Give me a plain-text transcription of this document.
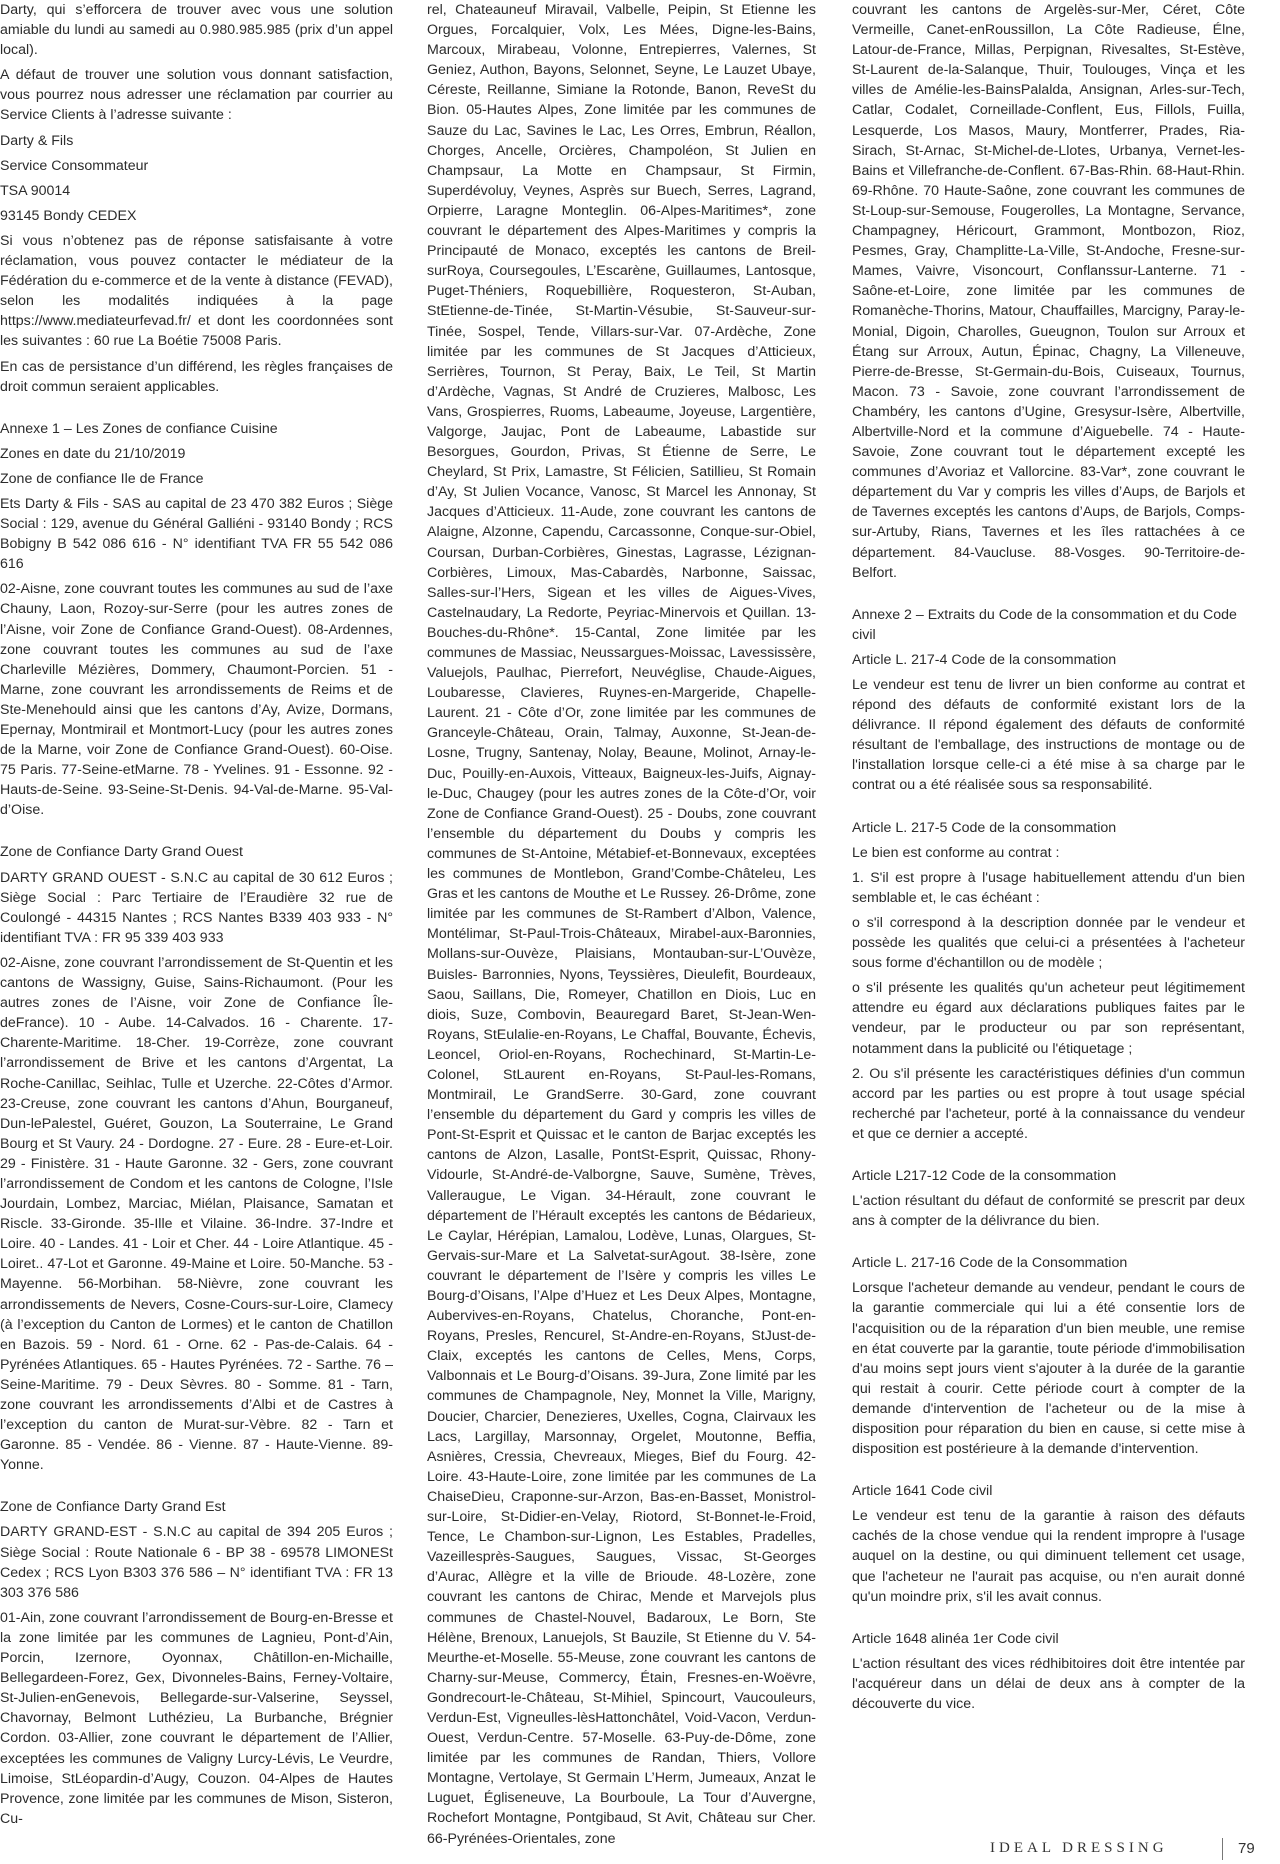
Darty, qui s’efforcera de trouver avec vous une solution amiable du lundi au samedi au 0.980.985.985 (prix d’un appel local).

A défaut de trouver une solution vous donnant satisfaction, vous pourrez nous adresser une réclamation par courrier au Service Clients à l’adresse suivante :

Darty & Fils

Service Consommateur

TSA 90014

93145 Bondy CEDEX

Si vous n’obtenez pas de réponse satisfaisante à votre réclamation, vous pouvez contacter le médiateur de la Fédération du e-commerce et de la vente à distance (FEVAD), selon les modalités indiquées à la page https://www.mediateurfevad.fr/ et dont les coordonnées sont les suivantes : 60 rue La Boétie 75008 Paris.

En cas de persistance d’un différend, les règles françaises de droit commun seraient applicables.

Annexe 1 – Les Zones de confiance Cuisine

Zones en date du 21/10/2019

Zone de confiance Ile de France

Ets Darty & Fils - SAS au capital de 23 470 382 Euros ; Siège Social : 129, avenue du Général Galliéni - 93140 Bondy ; RCS Bobigny B 542 086 616 - N° identifiant TVA FR 55 542 086 616

02-Aisne, zone couvrant toutes les communes au sud de l’axe Chauny, Laon, Rozoy-sur-Serre (pour les autres zones de l’Aisne, voir Zone de Confiance Grand-Ouest). 08-Ardennes, zone couvrant toutes les communes au sud de l’axe Charleville Mézières, Dommery, Chaumont-Porcien. 51 - Marne, zone couvrant les arrondissements de Reims et de Ste-Menehould ainsi que les cantons d’Ay, Avize, Dormans, Epernay, Montmirail et Montmort-Lucy (pour les autres zones de la Marne, voir Zone de Confiance Grand-Ouest). 60-Oise. 75 Paris. 77-Seine-etMarne. 78 - Yvelines. 91 - Essonne. 92 - Hauts-de-Seine. 93-Seine-St-Denis. 94-Val-de-Marne. 95-Val-d’Oise.

Zone de Confiance Darty Grand Ouest

DARTY GRAND OUEST - S.N.C au capital de 30 612 Euros ; Siège Social : Parc Tertiaire de l’Eraudière 32 rue de Coulongé - 44315 Nantes ; RCS Nantes B339 403 933 - N° identifiant TVA : FR 95 339 403 933

02-Aisne, zone couvrant l’arrondissement de St-Quentin et les cantons de Wassigny, Guise, Sains-Richaumont. (Pour les autres zones de l’Aisne, voir Zone de Confiance Île-deFrance). 10 - Aube. 14-Calvados. 16 - Charente. 17-Charente-Maritime. 18-Cher. 19-Corrèze, zone couvrant l’arrondissement de Brive et les cantons d’Argentat, La Roche-Canillac, Seihlac, Tulle et Uzerche. 22-Côtes d’Armor. 23-Creuse, zone couvrant les cantons d’Ahun, Bourganeuf, Dun-lePalestel, Guéret, Gouzon, La Souterraine, Le Grand Bourg et St Vaury. 24 - Dordogne. 27 - Eure. 28 - Eure-et-Loir. 29 - Finistère. 31 - Haute Garonne. 32 - Gers, zone couvrant l’arrondissement de Condom et les cantons de Cologne, l’Isle Jourdain, Lombez, Marciac, Miélan, Plaisance, Samatan et Riscle. 33-Gironde. 35-Ille et Vilaine. 36-Indre. 37-Indre et Loire. 40 - Landes. 41 - Loir et Cher. 44 - Loire Atlantique. 45 - Loiret.. 47-Lot et Garonne. 49-Maine et Loire. 50-Manche. 53 - Mayenne. 56-Morbihan. 58-Nièvre, zone couvrant les arrondissements de Nevers, Cosne-Cours-sur-Loire, Clamecy (à l’exception du Canton de Lormes) et le canton de Chatillon en Bazois. 59 - Nord. 61 - Orne. 62 - Pas-de-Calais. 64 - Pyrénées Atlantiques. 65 - Hautes Pyrénées. 72 - Sarthe. 76 – Seine-Maritime. 79 - Deux Sèvres. 80 - Somme. 81 - Tarn, zone couvrant les arrondissements d’Albi et de Castres à l’exception du canton de Murat-sur-Vèbre. 82 - Tarn et Garonne. 85 - Vendée. 86 - Vienne. 87 - Haute-Vienne. 89-Yonne.

Zone de Confiance Darty Grand Est

DARTY GRAND-EST - S.N.C au capital de 394 205 Euros ; Siège Social : Route Nationale 6 - BP 38 - 69578 LIMONESt Cedex ; RCS Lyon B303 376 586 – N° identifiant TVA : FR 13 303 376 586

01-Ain, zone couvrant l’arrondissement de Bourg-en-Bresse et la zone limitée par les communes de Lagnieu, Pont-d’Ain, Porcin, Izernore, Oyonnax, Châtillon-en-Michaille, Bellegardeen-Forez, Gex, Divonneles-Bains, Ferney-Voltaire, St-Julien-enGenevois, Bellegarde-sur-Valserine, Seyssel, Chavornay, Belmont Luthézieu, La Burbanche, Brégnier Cordon. 03-Allier, zone couvrant le département de l’Allier, exceptées les communes de Valigny Lurcy-Lévis, Le Veurdre, Limoise, StLéopardin-d’Augy, Couzon. 04-Alpes de Hautes Provence, zone limitée par les communes de Mison, Sisteron, Cu-

rel, Chateauneuf Miravail, Valbelle, Peipin, St Etienne les Orgues, Forcalquier, Volx, Les Mées, Digne-les-Bains, Marcoux, Mirabeau, Volonne, Entrepierres, Valernes, St Geniez, Authon, Bayons, Selonnet, Seyne, Le Lauzet Ubaye, Céreste, Reillanne, Simiane la Rotonde, Banon, ReveSt du Bion. 05-Hautes Alpes, Zone limitée par les communes de Sauze du Lac, Savines le Lac, Les Orres, Embrun, Réallon, Chorges, Ancelle, Orcières, Champoléon, St Julien en Champsaur, La Motte en Champsaur, St Firmin, Superdévoluy, Veynes, Asprès sur Buech, Serres, Lagrand, Orpierre, Laragne Monteglin. 06-Alpes-Maritimes*, zone couvrant le département des Alpes-Maritimes y compris la Principauté de Monaco, exceptés les cantons de Breil-surRoya, Coursegoules, L’Escarène, Guillaumes, Lantosque, Puget-Théniers, Roquebillière, Roquesteron, St-Auban, StEtienne-de-Tinée, St-Martin-Vésubie, St-Sauveur-sur-Tinée, Sospel, Tende, Villars-sur-Var. 07-Ardèche, Zone limitée par les communes de St Jacques d’Atticieux, Serrières, Tournon, St Peray, Baix, Le Teil, St Martin d’Ardèche, Vagnas, St André de Cruzieres, Malbosc, Les Vans, Grospierres, Ruoms, Labeaume, Joyeuse, Largentière, Valgorge, Jaujac, Pont de Labeaume, Labastide sur Besorgues, Gourdon, Privas, St Étienne de Serre, Le Cheylard, St Prix, Lamastre, St Félicien, Satillieu, St Romain d’Ay, St Julien Vocance, Vanosc, St Marcel les Annonay, St Jacques d’Atticieux. 11-Aude, zone couvrant les cantons de Alaigne, Alzonne, Capendu, Carcassonne, Conque-sur-Obiel, Coursan, Durban-Corbières, Ginestas, Lagrasse, Lézignan-Corbières, Limoux, Mas-Cabardès, Narbonne, Saissac, Salles-sur-l’Hers, Sigean et les villes de Aigues-Vives, Castelnaudary, La Redorte, Peyriac-Minervois et Quillan. 13-Bouches-du-Rhône*. 15-Cantal, Zone limitée par les communes de Massiac, Neussargues-Moissac, Lavessissère, Valuejols, Paulhac, Pierrefort, Neuvéglise, Chaude-Aigues, Loubaresse, Clavieres, Ruynes-en-Margeride, Chapelle-Laurent. 21 - Côte d’Or, zone limitée par les communes de Granceyle-Château, Orain, Talmay, Auxonne, St-Jean-de-Losne, Trugny, Santenay, Nolay, Beaune, Molinot, Arnay-le-Duc, Pouilly-en-Auxois, Vitteaux, Baigneux-les-Juifs, Aignay-le-Duc, Chaugey (pour les autres zones de la Côte-d’Or, voir Zone de Confiance Grand-Ouest). 25 - Doubs, zone couvrant l’ensemble du département du Doubs y compris les communes de St-Antoine, Métabief-et-Bonnevaux, exceptées les communes de Montlebon, Grand’Combe-Châteleu, Les Gras et les cantons de Mouthe et Le Russey. 26-Drôme, zone limitée par les communes de St-Rambert d’Albon, Valence, Montélimar, St-Paul-Trois-Châteaux, Mirabel-aux-Baronnies, Mollans-sur-Ouvèze, Plaisians, Montauban-sur-L’Ouvèze, Buisles- Barronnies, Nyons, Teyssières, Dieulefit, Bourdeaux, Saou, Saillans, Die, Romeyer, Chatillon en Diois, Luc en diois, Suze, Combovin, Beauregard Baret, St-Jean-Wen-Royans, StEulalie-en-Royans, Le Chaffal, Bouvante, Échevis, Leoncel, Oriol-en-Royans, Rochechinard, St-Martin-Le-Colonel, StLaurent en-Royans, St-Paul-les-Romans, Montmirail, Le GrandSerre. 30-Gard, zone couvrant l’ensemble du département du Gard y compris les villes de Pont-St-Esprit et Quissac et le canton de Barjac exceptés les cantons de Alzon, Lasalle, PontSt-Esprit, Quissac, Rhony-Vidourle, St-André-de-Valborgne, Sauve, Sumène, Trèves, Valleraugue, Le Vigan. 34-Hérault, zone couvrant le département de l’Hérault exceptés les cantons de Bédarieux, Le Caylar, Hérépian, Lamalou, Lodève, Lunas, Olargues, St-Gervais-sur-Mare et La Salvetat-surAgout. 38-Isère, zone couvrant le département de l’Isère y compris les villes Le Bourg-d’Oisans, l’Alpe d’Huez et Les Deux Alpes, Montagne, Aubervives-en-Royans, Chatelus, Choranche, Pont-en-Royans, Presles, Rencurel, St-Andre-en-Royans, StJust-de-Claix, exceptés les cantons de Celles, Mens, Corps, Valbonnais et Le Bourg-d’Oisans. 39-Jura, Zone limité par les communes de Champagnole, Ney, Monnet la Ville, Marigny, Doucier, Charcier, Denezieres, Uxelles, Cogna, Clairvaux les Lacs, Largillay, Marsonnay, Orgelet, Moutonne, Beffia, Asnières, Cressia, Chevreaux, Mieges, Bief du Fourg. 42-Loire. 43-Haute-Loire, zone limitée par les communes de La ChaiseDieu, Craponne-sur-Arzon, Bas-en-Basset, Monistrol-sur-Loire, St-Didier-en-Velay, Riotord, St-Bonnet-le-Froid, Tence, Le Chambon-sur-Lignon, Les Estables, Pradelles, Vazeillesprès-Saugues, Saugues, Vissac, St-Georges d’Aurac, Allègre et la ville de Brioude. 48-Lozère, zone couvrant les cantons de Chirac, Mende et Marvejols plus communes de Chastel-Nouvel, Badaroux, Le Born, Ste Hélène, Brenoux, Lanuejols, St Bauzile, St Etienne du V. 54-Meurthe-et-Moselle. 55-Meuse, zone couvrant les cantons de Charny-sur-Meuse, Commercy, Étain, Fresnes-en-Woëvre, Gondrecourt-le-Château, St-Mihiel, Spincourt, Vaucouleurs, Verdun-Est, Vigneulles-lèsHattonchâtel, Void-Vacon, Verdun-Ouest, Verdun-Centre. 57-Moselle. 63-Puy-de-Dôme, zone limitée par les communes de Randan, Thiers, Vollore Montagne, Vertolaye, St Germain L’Herm, Jumeaux, Anzat le Luguet, Égliseneuve, La Bourboule, La Tour d’Auvergne, Rochefort Montagne, Pontgibaud, St Avit, Château sur Cher. 66-Pyrénées-Orientales, zone

couvrant les cantons de Argelès-sur-Mer, Céret, Côte Vermeille, Canet-enRoussillon, La Côte Radieuse, Élne, Latour-de-France, Millas, Perpignan, Rivesaltes, St-Estève, St-Laurent de-la-Salanque, Thuir, Toulouges, Vinça et les villes de Amélie-les-BainsPalalda, Ansignan, Arles-sur-Tech, Catlar, Codalet, Corneillade-Conflent, Eus, Fillols, Fuilla, Lesquerde, Los Masos, Maury, Montferrer, Prades, Ria-Sirach, St-Arnac, St-Michel-de-Llotes, Urbanya, Vernet-les-Bains et Villefranche-de-Conflent. 67-Bas-Rhin. 68-Haut-Rhin. 69-Rhône. 70 Haute-Saône, zone couvrant les communes de St-Loup-sur-Semouse, Fougerolles, La Montagne, Servance, Champagney, Héricourt, Grammont, Montbozon, Rioz, Pesmes, Gray, Champlitte-La-Ville, St-Andoche, Fresne-sur-Mames, Vaivre, Visoncourt, Conflanssur-Lanterne. 71 - Saône-et-Loire, zone limitée par les communes de Romanèche-Thorins, Matour, Chauffailles, Marcigny, Paray-le-Monial, Digoin, Charolles, Gueugnon, Toulon sur Arroux et Étang sur Arroux, Autun, Épinac, Chagny, La Villeneuve, Pierre-de-Bresse, St-Germain-du-Bois, Cuiseaux, Tournus, Macon. 73 - Savoie, zone couvrant l’arrondissement de Chambéry, les cantons d’Ugine, Gresysur-Isère, Albertville, Albertville-Nord et la commune d’Aiguebelle. 74 - Haute-Savoie, Zone couvrant tout le département excepté les communes d’Avoriaz et Vallorcine. 83-Var*, zone couvrant le département du Var y compris les villes d’Aups, de Barjols et de Tavernes exceptés les cantons d’Aups, de Barjols, Comps-sur-Artuby, Rians, Tavernes et les îles rattachées à ce département. 84-Vaucluse. 88-Vosges. 90-Territoire-de-Belfort.

Annexe 2 – Extraits du Code de la consommation et du Code civil

Article L. 217-4 Code de la consommation

Le vendeur est tenu de livrer un bien conforme au contrat et répond des défauts de conformité existant lors de la délivrance. Il répond également des défauts de conformité résultant de l'emballage, des instructions de montage ou de l'installation lorsque celle-ci a été mise à sa charge par le contrat ou a été réalisée sous sa responsabilité.

Article L. 217-5 Code de la consommation

Le bien est conforme au contrat :

1. S'il est propre à l'usage habituellement attendu d'un bien semblable et, le cas échéant :

o s'il correspond à la description donnée par le vendeur et possède les qualités que celui-ci a présentées à l'acheteur sous forme d'échantillon ou de modèle ;

o s'il présente les qualités qu'un acheteur peut légitimement attendre eu égard aux déclarations publiques faites par le vendeur, par le producteur ou par son représentant, notamment dans la publicité ou l'étiquetage ;

2. Ou s'il présente les caractéristiques définies d'un commun accord par les parties ou est propre à tout usage spécial recherché par l'acheteur, porté à la connaissance du vendeur et que ce dernier a accepté.

Article L217-12 Code de la consommation

L'action résultant du défaut de conformité se prescrit par deux ans à compter de la délivrance du bien.

Article L. 217-16 Code de la Consommation

Lorsque l'acheteur demande au vendeur, pendant le cours de la garantie commerciale qui lui a été consentie lors de l'acquisition ou de la réparation d'un bien meuble, une remise en état couverte par la garantie, toute période d'immobilisation d'au moins sept jours vient s'ajouter à la durée de la garantie qui restait à courir. Cette période court à compter de la demande d'intervention de l'acheteur ou de la mise à disposition pour réparation du bien en cause, si cette mise à disposition est postérieure à la demande d'intervention.

Article 1641 Code civil

Le vendeur est tenu de la garantie à raison des défauts cachés de la chose vendue qui la rendent impropre à l'usage auquel on la destine, ou qui diminuent tellement cet usage, que l'acheteur ne l'aurait pas acquise, ou n'en aurait donné qu'un moindre prix, s'il les avait connus.

Article 1648 alinéa 1er Code civil

L'action résultant des vices rédhibitoires doit être intentée par l'acquéreur dans un délai de deux ans à compter de la découverte du vice.

IDEAL DRESSING	79
